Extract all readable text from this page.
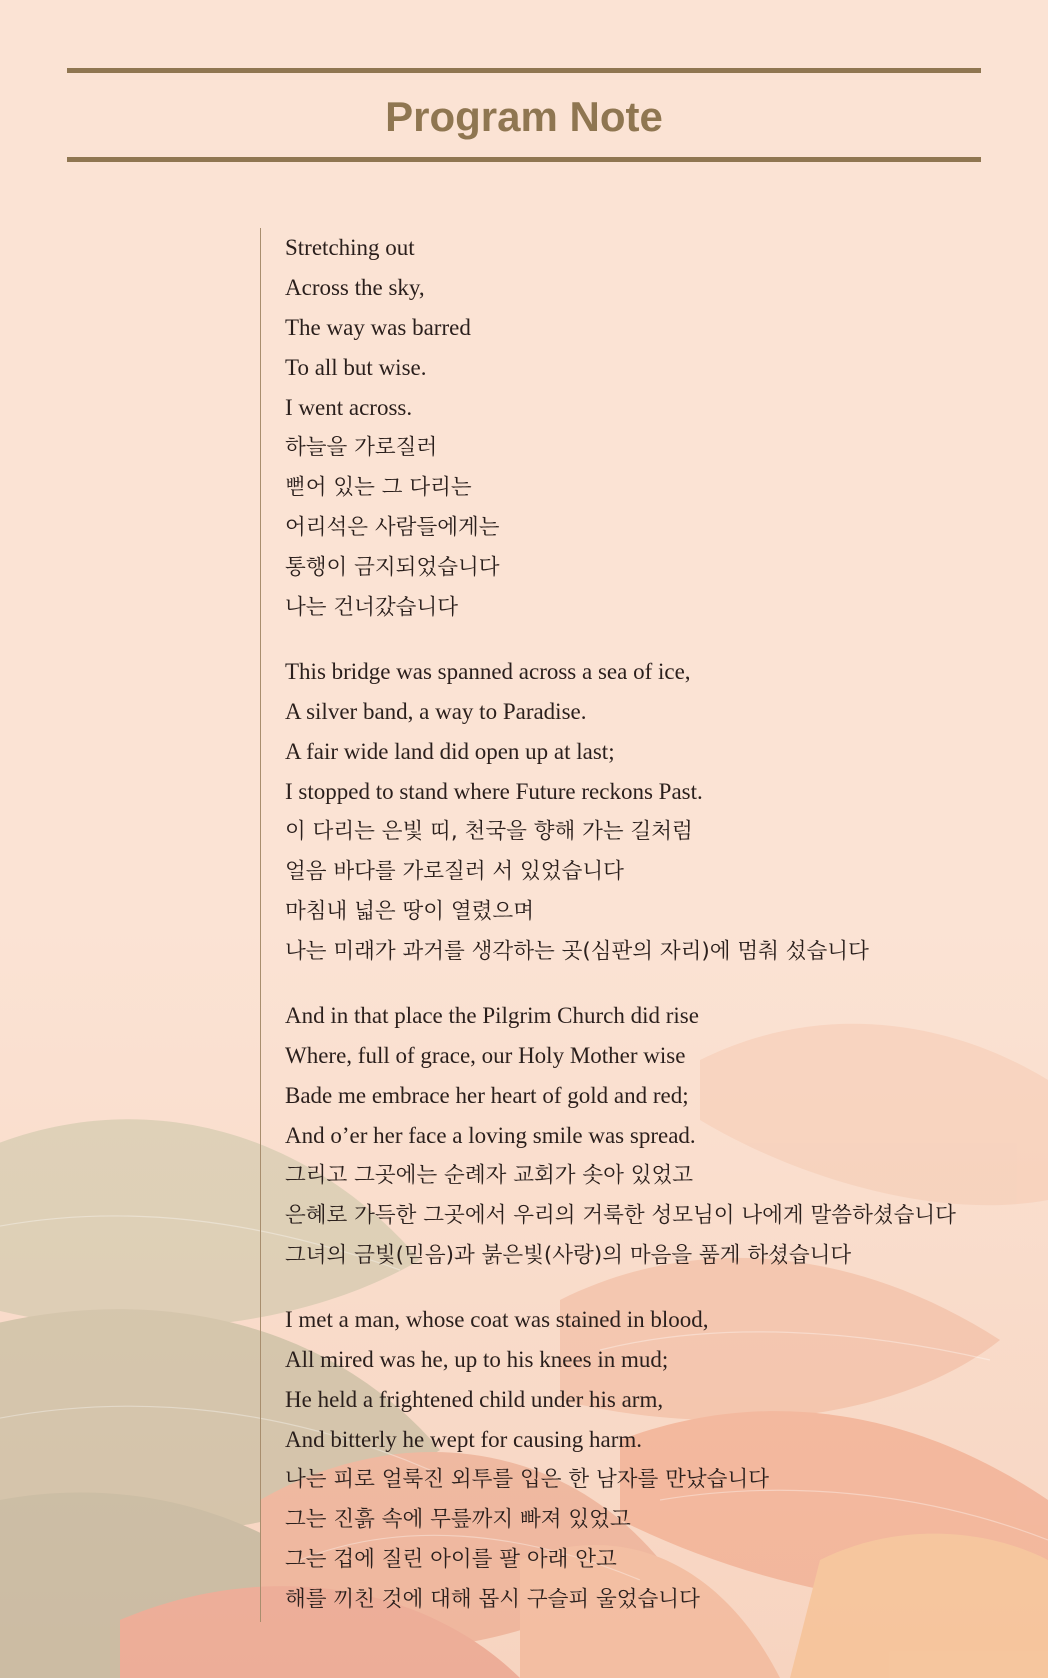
Program Note
Stretching out
Across the sky,
The way was barred
To all but wise.
I went across.
하늘을 가로질러
뻗어 있는 그 다리는
어리석은 사람들에게는
통행이 금지되었습니다
나는 건너갔습니다
This bridge was spanned across a sea of ice,
A silver band, a way to Paradise.
A fair wide land did open up at last;
I stopped to stand where Future reckons Past.
이 다리는 은빛 띠, 천국을 향해 가는 길처럼
얼음 바다를 가로질러 서 있었습니다
마침내 넓은 땅이 열렸으며
나는 미래가 과거를 생각하는 곳(심판의 자리)에 멈춰 섰습니다
And in that place the Pilgrim Church did rise
Where, full of grace, our Holy Mother wise
Bade me embrace her heart of gold and red;
And o’er her face a loving smile was spread.
그리고 그곳에는 순례자 교회가 솟아 있었고
은혜로 가득한 그곳에서 우리의 거룩한 성모님이 나에게 말씀하셨습니다
그녀의 금빛(믿음)과 붉은빛(사랑)의 마음을 품게 하셨습니다
I met a man, whose coat was stained in blood,
All mired was he, up to his knees in mud;
He held a frightened child under his arm,
And bitterly he wept for causing harm.
나는 피로 얼룩진 외투를 입은 한 남자를 만났습니다
그는 진흙 속에 무릎까지 빠져 있었고
그는 겁에 질린 아이를 팔 아래 안고
해를 끼친 것에 대해 몹시 구슬피 울었습니다
